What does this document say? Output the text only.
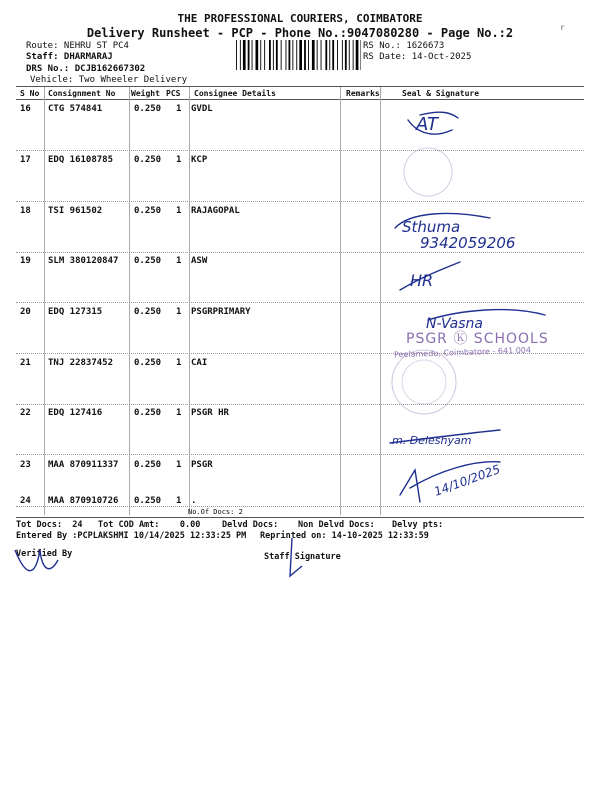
THE PROFESSIONAL COURIERS, COIMBATORE
Delivery Runsheet - PCP - Phone No.:9047080280 - Page No.:2	r
Route: NEHRU ST PC4
Staff: DHARMARAJ
DRS No.: DCJB162667302
Vehicle: Two Wheeler Delivery
RS No.: 1626673
RS Date: 14-Oct-2025
S No Consignment No Weight PCS Consignee Details	Remarks	Seal & Signature
16 CTG 574841	0.250 1 GVDL
17 EDQ 16108785 0.250 1 KCP
18 TSI 961502	0.250 1 RAJAGOPAL
19 SLM 380120847 0.250 1 ASW
20 EDQ 127315	0.250 1 PSGRPRIMARY
21 TNJ 22837452 0.250 1 CAI
22 EDQ 127416	0.250 1 PSGR HR
23 MAA 870911337 0.250 1 PSGR
24 MAA 870910726 0.250 1 .
No.Of Docs: 2
Tot Docs:  24 Tot COD Amt:    0.00	Delvd Docs: Non Delvd Docs: Delvy pts:
Entered By :PCPLAKSHMI 10/14/2025 12:33:25 PM Reprinted on: 14-10-2025 12:33:59
Verified By	Staff Signature
AT
Sthuma
9342059206
HR
N-Vasna
m. Deleshyam
14/10/2025
PSGR Ⓚ SCHOOLS
Peelamedu, Coimbatore - 641 004
